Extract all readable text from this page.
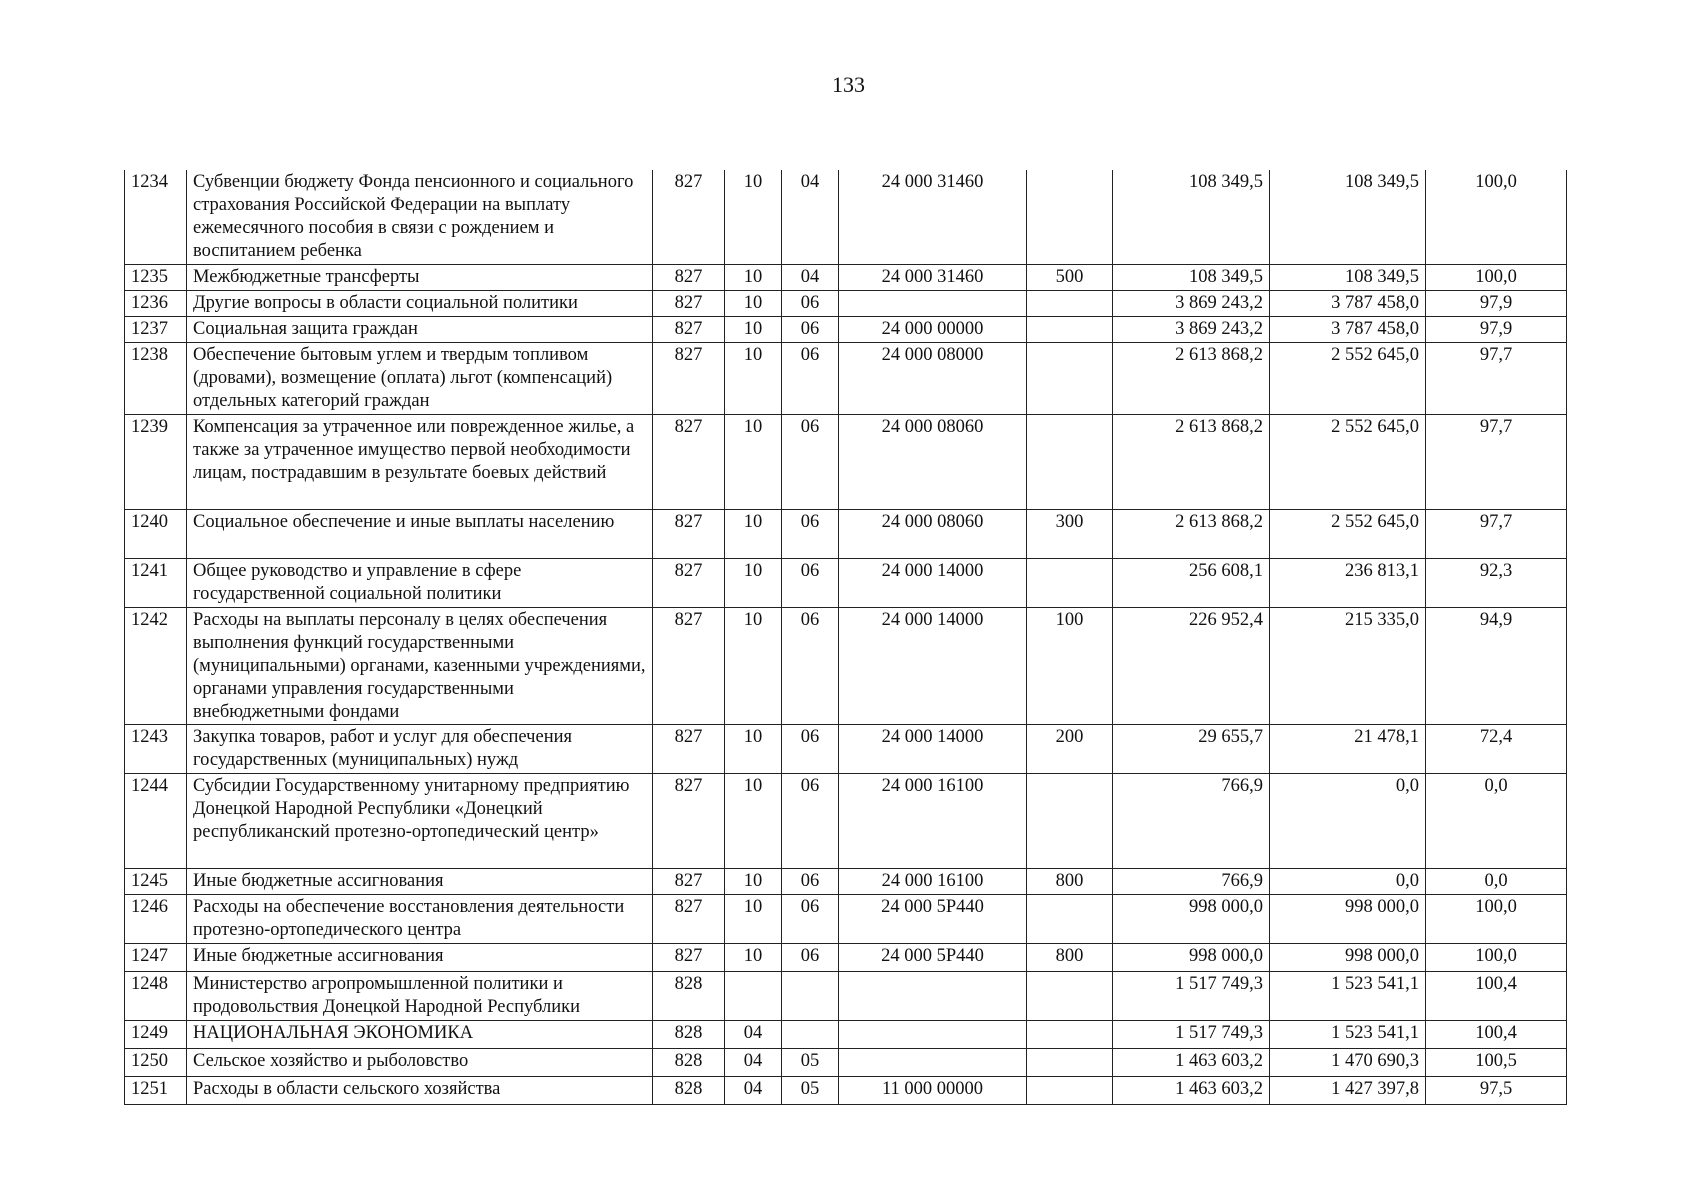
133
1234	Субвенции бюджету Фонда пенсионного и социального страхования Российской Федерации на выплату ежемесячного пособия в связи с рождением и воспитанием ребенка	827	10	04	24 000 31460		108 349,5	108 349,5	100,0
1235	Межбюджетные трансферты	827	10	04	24 000 31460	500	108 349,5	108 349,5	100,0
1236	Другие вопросы в области социальной политики	827	10	06			3 869 243,2	3 787 458,0	97,9
1237	Социальная защита граждан	827	10	06	24 000 00000		3 869 243,2	3 787 458,0	97,9
1238	Обеспечение бытовым углем и твердым топливом (дровами), возмещение (оплата) льгот (компенсаций) отдельных категорий граждан	827	10	06	24 000 08000		2 613 868,2	2 552 645,0	97,7
1239	Компенсация за утраченное или поврежденное жилье, а также за утраченное имущество первой необходимости лицам, пострадавшим в результате боевых действий	827	10	06	24 000 08060		2 613 868,2	2 552 645,0	97,7
1240	Социальное обеспечение и иные выплаты населению	827	10	06	24 000 08060	300	2 613 868,2	2 552 645,0	97,7
1241	Общее руководство и управление в сфере государственной социальной политики	827	10	06	24 000 14000		256 608,1	236 813,1	92,3
1242	Расходы на выплаты персоналу в целях обеспечения выполнения функций государственными (муниципальными) органами, казенными учреждениями, органами управления государственными внебюджетными фондами	827	10	06	24 000 14000	100	226 952,4	215 335,0	94,9
1243	Закупка товаров, работ и услуг для обеспечения государственных (муниципальных) нужд	827	10	06	24 000 14000	200	29 655,7	21 478,1	72,4
1244	Субсидии Государственному унитарному предприятию Донецкой Народной Республики «Донецкий республиканский протезно-ортопедический центр»	827	10	06	24 000 16100		766,9	0,0	0,0
1245	Иные бюджетные ассигнования	827	10	06	24 000 16100	800	766,9	0,0	0,0
1246	Расходы на обеспечение восстановления деятельности протезно-ортопедического центра	827	10	06	24 000 5Р440		998 000,0	998 000,0	100,0
1247	Иные бюджетные ассигнования	827	10	06	24 000 5Р440	800	998 000,0	998 000,0	100,0
1248	Министерство агропромышленной политики и продовольствия Донецкой Народной Республики	828					1 517 749,3	1 523 541,1	100,4
1249	НАЦИОНАЛЬНАЯ ЭКОНОМИКА	828	04				1 517 749,3	1 523 541,1	100,4
1250	Сельское хозяйство и рыболовство	828	04	05			1 463 603,2	1 470 690,3	100,5
1251	Расходы в области сельского хозяйства	828	04	05	11 000 00000		1 463 603,2	1 427 397,8	97,5
